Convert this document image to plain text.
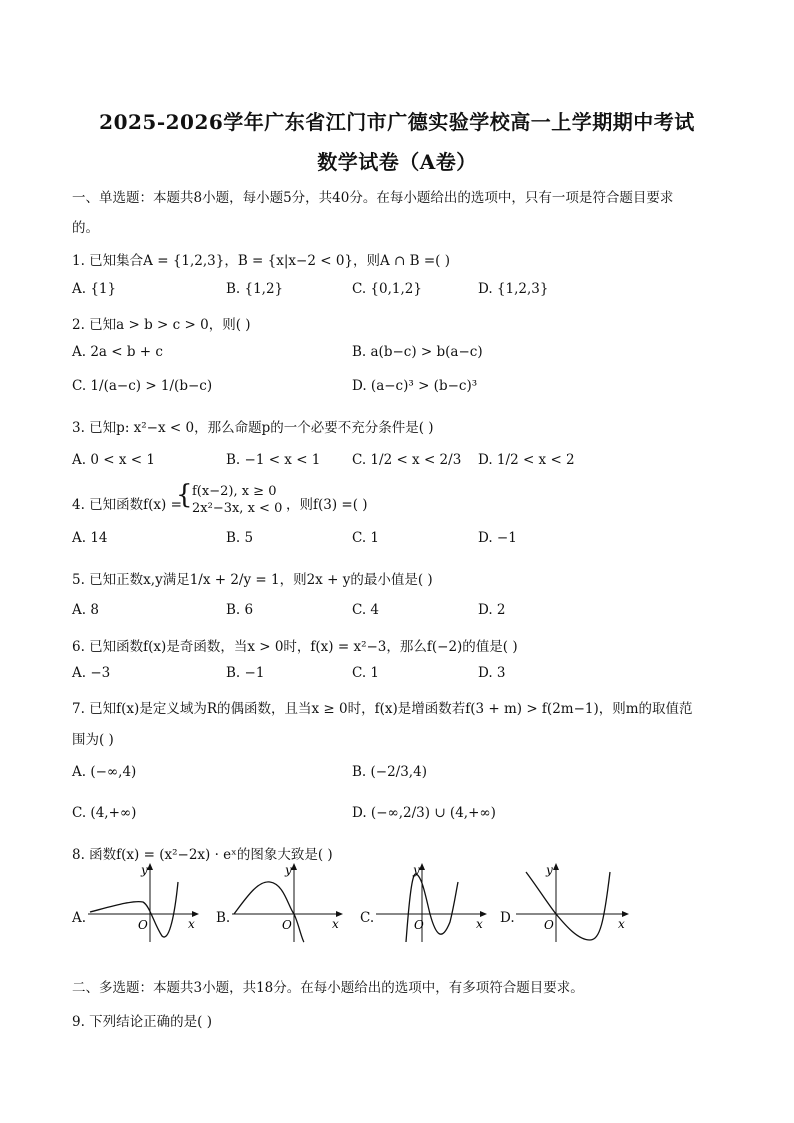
2025-2026学年广东省江门市广德实验学校高一上学期期中考试
数学试卷（A卷）
一、单选题：本题共8小题，每小题5分，共40分。在每小题给出的选项中，只有一项是符合题目要求
的。
1. 已知集合A = {1,2,3}，B = {x|x−2 < 0}，则A ∩ B =( )
A. {1}	B. {1,2}	C. {0,1,2}	D. {1,2,3}
2. 已知a > b > c > 0，则( )
A. 2a < b + c	B. a(b−c) > b(a−c)
C. 1/(a−c) > 1/(b−c)	D. (a−c)³ > (b−c)³
3. 已知p: x²−x < 0，那么命题p的一个必要不充分条件是( )
A. 0 < x < 1	B. −1 < x < 1 C. 1/2 < x < 2/3 D. 1/2 < x < 2
4. 已知函数f(x) =
{ f(x−2), x ≥ 0
2x²−3x, x < 0 ，则f(3) =( )
A. 14	B. 5	C. 1	D. −1
5. 已知正数x,y满足1/x + 2/y = 1，则2x + y的最小值是( )
A. 8	B. 6	C. 4	D. 2
6. 已知函数f(x)是奇函数，当x > 0时，f(x) = x²−3，那么f(−2)的值是( )
A. −3	B. −1	C. 1	D. 3
7. 已知f(x)是定义域为R的偶函数，且当x ≥ 0时，f(x)是增函数若f(3 + m) > f(2m−1)，则m的取值范
围为( )
A. (−∞,4)	B. (−2/3,4)
C. (4,+∞)	D. (−∞,2/3) ∪ (4,+∞)
8. 函数f(x) = (x²−2x) · eˣ的图象大致是( )
A.
y
x
O	B.
y
x
O	C.
y
x
O	D.
y
x
O
二、多选题：本题共3小题，共18分。在每小题给出的选项中，有多项符合题目要求。
9. 下列结论正确的是( )
